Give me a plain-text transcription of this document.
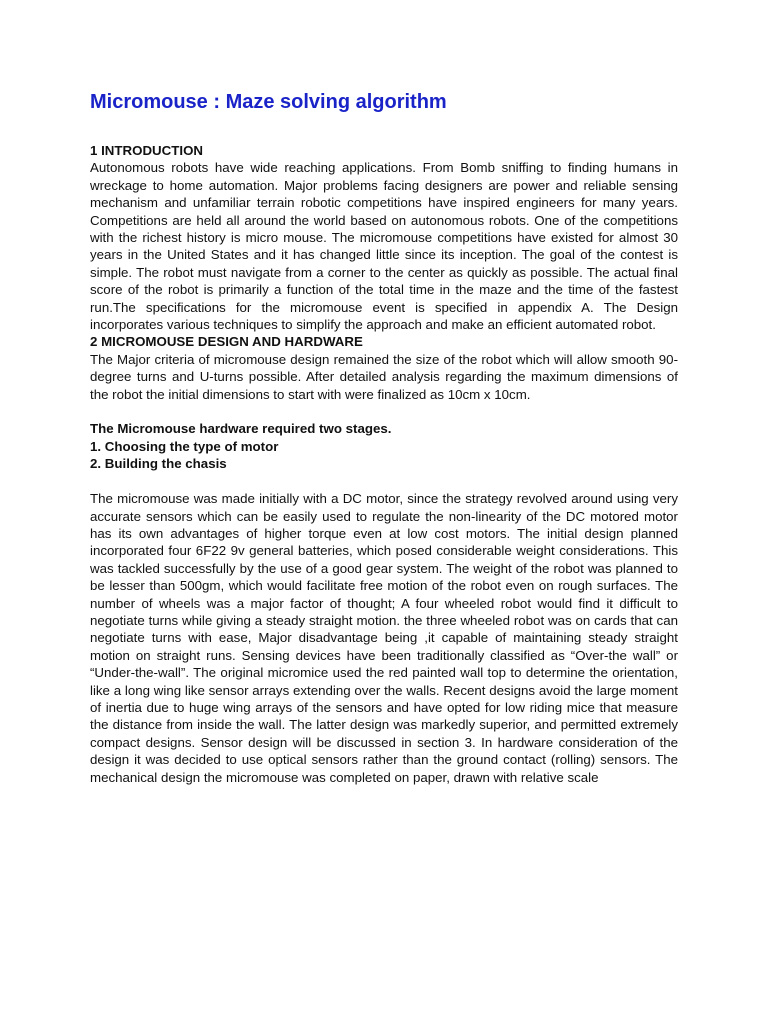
Micromouse : Maze solving algorithm

1 INTRODUCTION

Autonomous robots have wide reaching applications. From Bomb sniffing to finding humans in wreckage to home automation. Major problems facing designers are power and reliable sensing mechanism and unfamiliar terrain robotic competitions have inspired engineers for many years. Competitions are held all around the world based on autonomous robots. One of the competitions with the richest history is micro mouse. The micromouse competitions have existed for almost 30 years in the United States and it has changed little since its inception. The goal of the contest is simple. The robot must navigate from a corner to the center as quickly as possible. The actual final score of the robot is primarily a function of the total time in the maze and the time of the fastest run.The specifications for the micromouse event is specified in appendix A. The Design incorporates various techniques to simplify the approach and make an efficient automated robot.

2 MICROMOUSE DESIGN AND HARDWARE

The Major criteria of micromouse design remained the size of the robot which will allow smooth 90-degree turns and U-turns possible. After detailed analysis regarding the maximum dimensions of the robot the initial dimensions to start with were finalized as 10cm x 10cm.

The Micromouse hardware required two stages.

1. Choosing the type of motor

2. Building the chasis

The micromouse was made initially with a DC motor, since the strategy revolved around using very accurate sensors which can be easily used to regulate the non-linearity of the DC motored motor has its own advantages of higher torque even at low cost motors. The initial design planned incorporated four 6F22 9v general batteries, which posed considerable weight considerations. This was tackled successfully by the use of a good gear system. The weight of the robot was planned to be lesser than 500gm, which would facilitate free motion of the robot even on rough surfaces. The number of wheels was a major factor of thought; A four wheeled robot would find it difficult to negotiate turns while giving a steady straight motion. the three wheeled robot was on cards that can negotiate turns with ease, Major disadvantage being ,it capable of maintaining steady straight motion on straight runs. Sensing devices have been traditionally classified as “Over-the wall” or “Under-the-wall”. The original micromice used the red painted wall top to determine the orientation, like a long wing like sensor arrays extending over the walls. Recent designs avoid the large moment of inertia due to huge wing arrays of the sensors and have opted for low riding mice that measure the distance from inside the wall. The latter design was markedly superior, and permitted extremely compact designs. Sensor design will be discussed in section 3. In hardware consideration of the design it was decided to use optical sensors rather than the ground contact (rolling) sensors. The mechanical design the micromouse was completed on paper, drawn with relative scale
